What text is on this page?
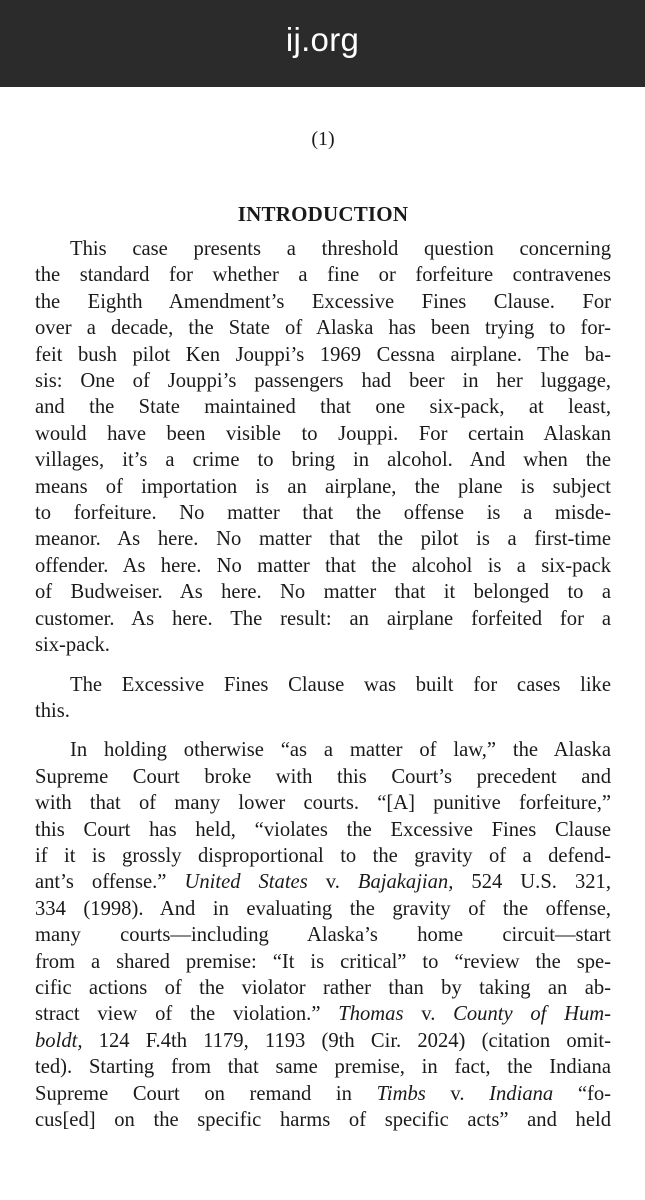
ij.org
(1)
INTRODUCTION

This case presents a threshold question concerning
the standard for whether a fine or forfeiture contravenes
the Eighth Amendment’s Excessive Fines Clause. For
over a decade, the State of Alaska has been trying to for-
feit bush pilot Ken Jouppi’s 1969 Cessna airplane. The ba-
sis: One of Jouppi’s passengers had beer in her luggage,
and the State maintained that one six-pack, at least,
would have been visible to Jouppi. For certain Alaskan
villages, it’s a crime to bring in alcohol. And when the
means of importation is an airplane, the plane is subject
to forfeiture. No matter that the offense is a misde-
meanor. As here. No matter that the pilot is a first-time
offender. As here. No matter that the alcohol is a six-pack
of Budweiser. As here. No matter that it belonged to a
customer. As here. The result: an airplane forfeited for a
six-pack.

The Excessive Fines Clause was built for cases like
this.

In holding otherwise “as a matter of law,” the Alaska
Supreme Court broke with this Court’s precedent and
with that of many lower courts. “[A] punitive forfeiture,”
this Court has held, “violates the Excessive Fines Clause
if it is grossly disproportional to the gravity of a defend-
ant’s offense.” United States v. Bajakajian, 524 U.S. 321,
334 (1998). And in evaluating the gravity of the offense,
many courts—including Alaska’s home circuit—start
from a shared premise: “It is critical” to “review the spe-
cific actions of the violator rather than by taking an ab-
stract view of the violation.” Thomas v. County of Hum-
boldt, 124 F.4th 1179, 1193 (9th Cir. 2024) (citation omit-
ted). Starting from that same premise, in fact, the Indiana
Supreme Court on remand in Timbs v. Indiana “fo-
cus[ed] on the specific harms of specific acts” and held
